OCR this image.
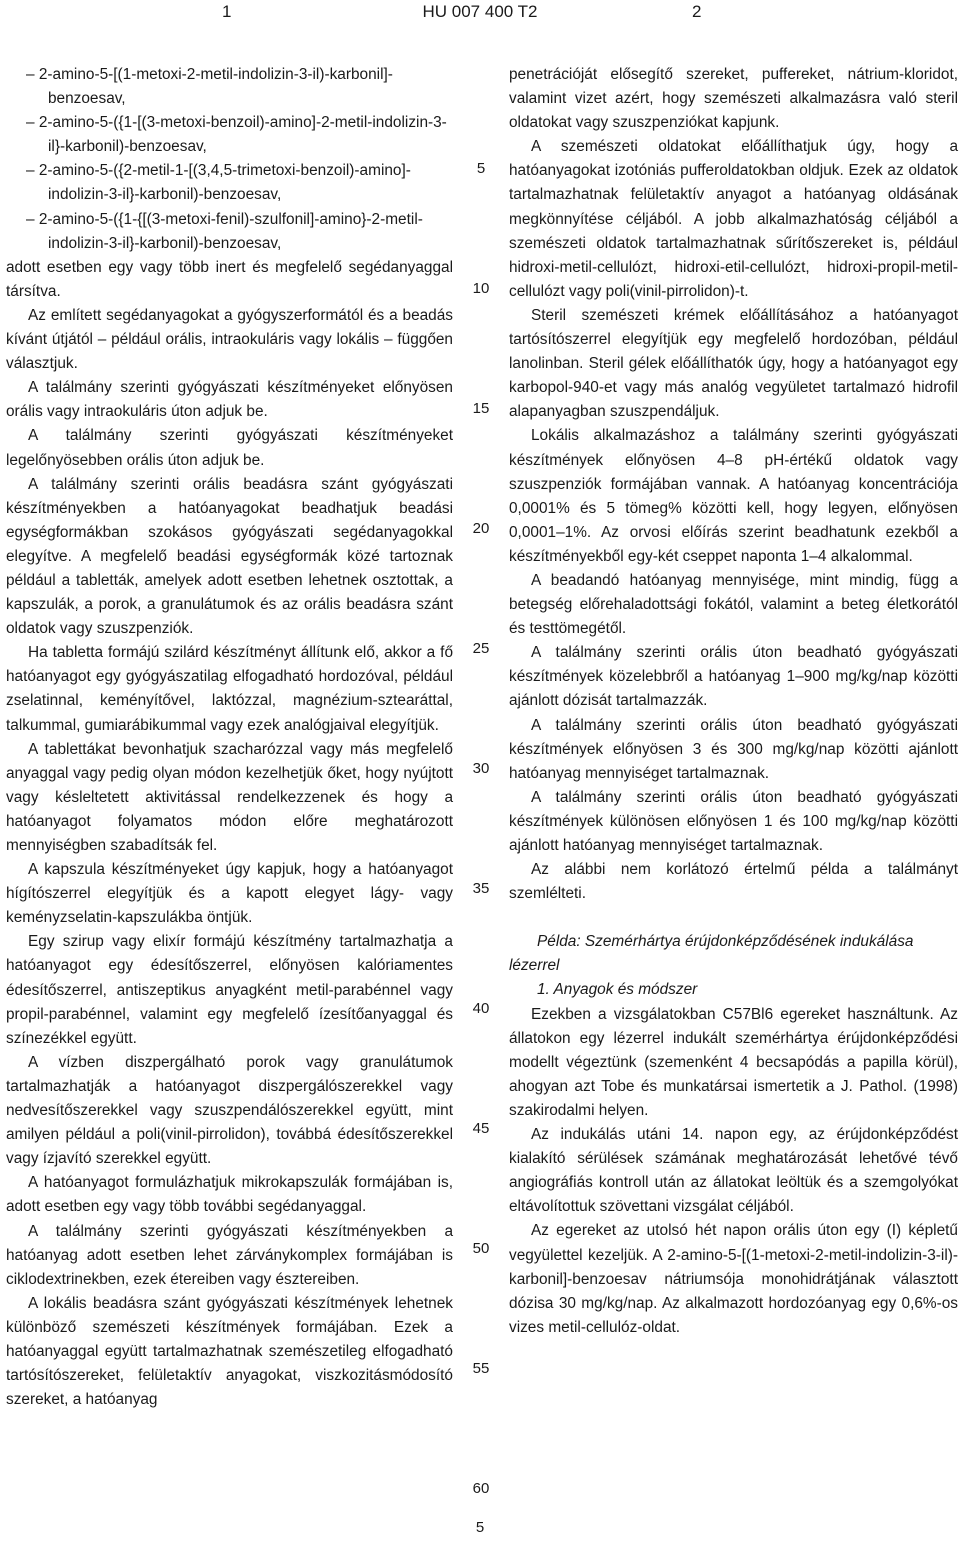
1	HU 007 400 T2	2

– 2-amino-5-[(1-metoxi-2-metil-indolizin-3-il)-karbonil]-benzoesav,

– 2-amino-5-({1-[(3-metoxi-benzoil)-amino]-2-metil-indolizin-3-il}-karbonil)-benzoesav,

– 2-amino-5-({2-metil-1-[(3,4,5-trimetoxi-benzoil)-amino]-indolizin-3-il}-karbonil)-benzoesav,

– 2-amino-5-({1-{[(3-metoxi-fenil)-szulfonil]-amino}-2-metil-indolizin-3-il}-karbonil)-benzoesav,

adott esetben egy vagy több inert és megfelelő segédanyaggal társítva.

Az említett segédanyagokat a gyógyszerformától és a beadás kívánt útjától – például orális, intraokuláris vagy lokális – függően választjuk.

A találmány szerinti gyógyászati készítményeket előnyösen orális vagy intraokuláris úton adjuk be.

A találmány szerinti gyógyászati készítményeket legelőnyösebben orális úton adjuk be.

A találmány szerinti orális beadásra szánt gyógyászati készítményekben a hatóanyagokat beadhatjuk beadási egységformákban szokásos gyógyászati segédanyagokkal elegyítve. A megfelelő beadási egységformák közé tartoznak például a tabletták, amelyek adott esetben lehetnek osztottak, a kapszulák, a porok, a granulátumok és az orális beadásra szánt oldatok vagy szuszpenziók.

Ha tabletta formájú szilárd készítményt állítunk elő, akkor a fő hatóanyagot egy gyógyászatilag elfogadható hordozóval, például zselatinnal, keményítővel, laktózzal, magnézium-sztearáttal, talkummal, gumiarábikummal vagy ezek analógjaival elegyítjük.

A tablettákat bevonhatjuk szacharózzal vagy más megfelelő anyaggal vagy pedig olyan módon kezelhetjük őket, hogy nyújtott vagy késleltetett aktivitással rendelkezzenek és hogy a hatóanyagot folyamatos módon előre meghatározott mennyiségben szabadítsák fel.

A kapszula készítményeket úgy kapjuk, hogy a hatóanyagot hígítószerrel elegyítjük és a kapott elegyet lágy- vagy keményzselatin-kapszulákba öntjük.

Egy szirup vagy elixír formájú készítmény tartalmazhatja a hatóanyagot egy édesítőszerrel, előnyösen kalóriamentes édesítőszerrel, antiszeptikus anyagként metil-parabénnel vagy propil-parabénnel, valamint egy megfelelő ízesítőanyaggal és színezékkel együtt.

A vízben diszpergálható porok vagy granulátumok tartalmazhatják a hatóanyagot diszpergálószerekkel vagy nedvesítőszerekkel vagy szuszpendálószerekkel együtt, mint amilyen például a poli(vinil-pirrolidon), továbbá édesítőszerekkel vagy ízjavító szerekkel együtt.

A hatóanyagot formulázhatjuk mikrokapszulák formájában is, adott esetben egy vagy több további segédanyaggal.

A találmány szerinti gyógyászati készítményekben a hatóanyag adott esetben lehet zárványkomplex formájában is ciklodextrinekben, ezek étereiben vagy észtereiben.

A lokális beadásra szánt gyógyászati készítmények lehetnek különböző szemészeti készítmények formájában. Ezek a hatóanyaggal együtt tartalmazhatnak szemészetileg elfogadható tartósítószereket, felületaktív anyagokat, viszkozitásmódosító szereket, a hatóanyag

penetrációját elősegítő szereket, puffereket, nátrium-kloridot, valamint vizet azért, hogy szemészeti alkalmazásra való steril oldatokat vagy szuszpenziókat kapjunk.

A szemészeti oldatokat előállíthatjuk úgy, hogy a hatóanyagokat izotóniás pufferoldatokban oldjuk. Ezek az oldatok tartalmazhatnak felületaktív anyagot a hatóanyag oldásának megkönnyítése céljából. A jobb alkalmazhatóság céljából a szemészeti oldatok tartalmazhatnak sűrítőszereket is, például hidroxi-metil-cellulózt, hidroxi-etil-cellulózt, hidroxi-propil-metil-cellulózt vagy poli(vinil-pirrolidon)-t.

Steril szemészeti krémek előállításához a hatóanyagot tartósítószerrel elegyítjük egy megfelelő hordozóban, például lanolinban. Steril gélek előállíthatók úgy, hogy a hatóanyagot egy karbopol-940-et vagy más analóg vegyületet tartalmazó hidrofil alapanyagban szuszpendáljuk.

Lokális alkalmazáshoz a találmány szerinti gyógyászati készítmények előnyösen 4–8 pH-értékű oldatok vagy szuszpenziók formájában vannak. A hatóanyag koncentrációja 0,0001% és 5 tömeg% közötti kell, hogy legyen, előnyösen 0,0001–1%. Az orvosi előírás szerint beadhatunk ezekből a készítményekből egy-két cseppet naponta 1–4 alkalommal.

A beadandó hatóanyag mennyisége, mint mindig, függ a betegség előrehaladottsági fokától, valamint a beteg életkorától és testtömegétől.

A találmány szerinti orális úton beadható gyógyászati készítmények közelebbről a hatóanyag 1–900 mg/kg/nap közötti ajánlott dózisát tartalmazzák.

A találmány szerinti orális úton beadható gyógyászati készítmények előnyösen 3 és 300 mg/kg/nap közötti ajánlott hatóanyag mennyiséget tartalmaznak.

A találmány szerinti orális úton beadható gyógyászati készítmények különösen előnyösen 1 és 100 mg/kg/nap közötti ajánlott hatóanyag mennyiséget tartalmaznak.

Az alábbi nem korlátozó értelmű példa a találmányt szemlélteti.

Példa: Szemérhártya érújdonképződésének indukálása lézerrel

1. Anyagok és módszer

Ezekben a vizsgálatokban C57Bl6 egereket használtunk. Az állatokon egy lézerrel indukált szemérhártya érújdonképződési modellt végeztünk (szemenként 4 becsapódás a papilla körül), ahogyan azt Tobe és munkatársai ismertetik a J. Pathol. (1998) szakirodalmi helyen.

Az indukálás utáni 14. napon egy, az érújdonképződést kialakító sérülések számának meghatározását lehetővé tévő angiográfiás kontroll után az állatokat leöltük és a szemgolyókat eltávolítottuk szövettani vizsgálat céljából.

Az egereket az utolsó hét napon orális úton egy (I) képletű vegyülettel kezeljük. A 2-amino-5-[(1-metoxi-2-metil-indolizin-3-il)-karbonil]-benzoesav nátriumsója monohidrátjának választott dózisa 30 mg/kg/nap. Az alkalmazott hordozóanyag egy 0,6%-os vizes metil-cellulóz-oldat.

5
10
15
20
25
30
35
40
45
50
55
60
5
